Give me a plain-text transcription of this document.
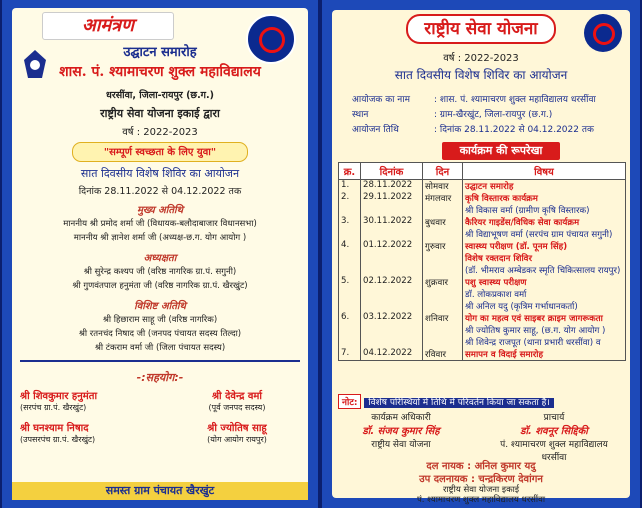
आमंत्रण
उद्घाटन समारोह
शास. पं. श्यामाचरण शुक्ल महाविद्यालय
धरसींवा, जिला-रायपुर (छ.ग.)
राष्ट्रीय सेवा योजना इकाई द्वारा
वर्ष : 2022-2023
"सम्पूर्ण स्वच्छता के लिए युवा"
सात दिवसीय विशेष शिविर का आयोजन
दिनांक 28.11.2022 से 04.12.2022 तक
मुख्य अतिथि
माननीय श्री प्रमोद शर्मा जी (विधायक-बलौदाबाजार विधानसभा)
माननीय श्री ज्ञानेश शर्मा जी (अध्यक्ष-छ.ग. योग आयोग )
अध्यक्षता
श्री सुरेन्द्र कश्यप जी (वरिष्ठ नागरिक ग्रा.पं. सगुनी)
श्री गुणवंतपाल हनुमंता जी (वरिष्ठ नागरिक ग्रा.पं. खैरखुंट)
विशिष्ट अतिथि
श्री हिछाराम साहू जी (वरिष्ठ नागरिक)
श्री रतनचंद निषाद जी (जनपद पंचायत सदस्य तिल्दा)
श्री टंकराम वर्मा जी (जिला पंचायत सदस्य)
-:सहयोग:-
श्री शिवकुमार हनुमंता
(सरपंच ग्रा.पं. खैरखुंट)
श्री देवेन्द्र वर्मा
(पूर्व जनपद सदस्य)
श्री घनश्याम निषाद
(उपसरपंच ग्रा.पं. खैरखुंट)
श्री ज्योतिष साहू
(योग आयोग रायपुर)
समस्त ग्राम पंचायत खैरखुंट
राष्ट्रीय सेवा योजना
वर्ष : 2022-2023
सात दिवसीय विशेष शिविर का आयोजन
आयोजक का नाम	: शास. पं. श्यामाचरण शुक्ल महाविद्यालय धरसींवा
स्थान	: ग्राम-खैरखुंट, जिला-रायपुर (छ.ग.)
आयोजन तिथि	: दिनांक 28.11.2022 से 04.12.2022 तक
कार्यक्रम की रूपरेखा
क्र.	दिनांक	दिन	विषय
1.	28.11.2022	सोमवार	उद्घाटन समारोह

2.	29.11.2022	मंगलवार	कृषि विस्तारक कार्यक्रम
श्री विकास वर्मा (ग्रामीण कृषि विस्तारक)

3.	30.11.2022	बुधवार	कैरियर गाइडेंस/विधिक सेवा कार्यक्रम
श्री विद्याभूषण वर्मा (सरपंच ग्राम पंचायत सगुनी)

4.	01.12.2022	गुरुवार	स्वास्थ्य परीक्षण (डॉ. पूनम सिंह)
विशेष रक्तदान शिविर
(डॉ. भीमराव अम्बेडकर स्मृति चिकित्सालय रायपुर)

5.	02.12.2022	शुक्रवार	पशु स्वास्थ्य परीक्षण
डॉ. लोकप्रकाश वर्मा
श्री अनिल यदु (कृत्रिम गर्भाधानकर्ता)

6.	03.12.2022	शनिवार	योग का महत्व एवं साइबर क्राइम जागरूकता
श्री ज्योतिष कुमार साहू, (छ.ग. योग आयोग )
श्री शिवेन्द्र राजपूत (थाना प्रभारी धरसींवा) व

7.	04.12.2022	रविवार	समापन व विदाई समारोह
नोट: विशेष परिस्थियों में तिथि में परिवर्तन किया जा सकता है।
कार्यक्रम अधिकारी
डॉ. संजय कुमार सिंह
राष्ट्रीय सेवा योजना
प्राचार्य
डॉ. शवनूर सिद्दिकी
पं. श्यामाचरण शुक्ल महाविद्यालय
धरसींवा
दल नायक : अनिल कुमार यदु
उप दलनायक : चन्द्रकिरण देवांगन
राष्ट्रीय सेवा योजना इकाई
पं. श्यामाचरण शुक्ल महाविद्यालय धरसींवा
